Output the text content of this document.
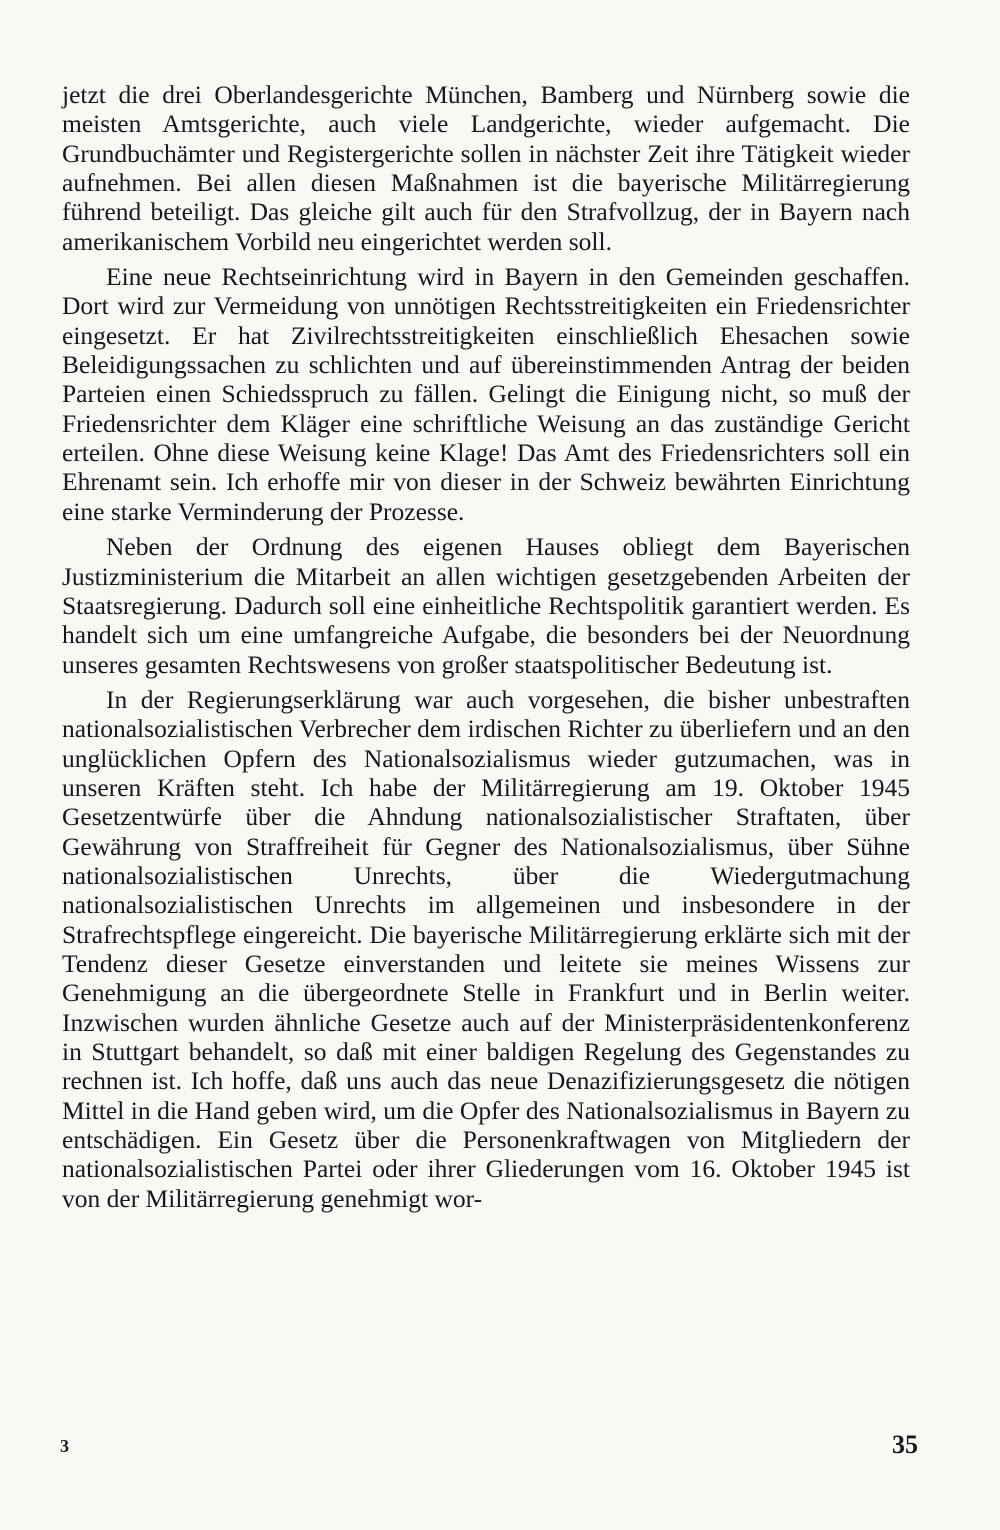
jetzt die drei Oberlandesgerichte München, Bamberg und Nürnberg sowie die meisten Amtsgerichte, auch viele Landgerichte, wieder aufgemacht. Die Grundbuchämter und Registergerichte sollen in nächster Zeit ihre Tätigkeit wieder aufnehmen. Bei allen diesen Maßnahmen ist die bayerische Militärregierung führend beteiligt. Das gleiche gilt auch für den Strafvollzug, der in Bayern nach amerikanischem Vorbild neu eingerichtet werden soll.

Eine neue Rechtseinrichtung wird in Bayern in den Gemeinden geschaffen. Dort wird zur Vermeidung von unnötigen Rechtsstreitigkeiten ein Friedensrichter eingesetzt. Er hat Zivilrechtsstreitigkeiten einschließlich Ehesachen sowie Beleidigungssachen zu schlichten und auf übereinstimmenden Antrag der beiden Parteien einen Schiedsspruch zu fällen. Gelingt die Einigung nicht, so muß der Friedensrichter dem Kläger eine schriftliche Weisung an das zuständige Gericht erteilen. Ohne diese Weisung keine Klage! Das Amt des Friedensrichters soll ein Ehrenamt sein. Ich erhoffe mir von dieser in der Schweiz bewährten Einrichtung eine starke Verminderung der Prozesse.

Neben der Ordnung des eigenen Hauses obliegt dem Bayerischen Justizministerium die Mitarbeit an allen wichtigen gesetzgebenden Arbeiten der Staatsregierung. Dadurch soll eine einheitliche Rechtspolitik garantiert werden. Es handelt sich um eine umfangreiche Aufgabe, die besonders bei der Neuordnung unseres gesamten Rechtswesens von großer staatspolitischer Bedeutung ist.

In der Regierungserklärung war auch vorgesehen, die bisher unbestraften nationalsozialistischen Verbrecher dem irdischen Richter zu überliefern und an den unglücklichen Opfern des Nationalsozialismus wieder gutzumachen, was in unseren Kräften steht. Ich habe der Militärregierung am 19. Oktober 1945 Gesetzentwürfe über die Ahndung nationalsozialistischer Straftaten, über Gewährung von Straffreiheit für Gegner des Nationalsozialismus, über Sühne nationalsozialistischen Unrechts, über die Wiedergutmachung nationalsozialistischen Unrechts im allgemeinen und insbesondere in der Strafrechtspflege eingereicht. Die bayerische Militärregierung erklärte sich mit der Tendenz dieser Gesetze einverstanden und leitete sie meines Wissens zur Genehmigung an die übergeordnete Stelle in Frankfurt und in Berlin weiter. Inzwischen wurden ähnliche Gesetze auch auf der Ministerpräsidentenkonferenz in Stuttgart behandelt, so daß mit einer baldigen Regelung des Gegenstandes zu rechnen ist. Ich hoffe, daß uns auch das neue Denazifizierungsgesetz die nötigen Mittel in die Hand geben wird, um die Opfer des Nationalsozialismus in Bayern zu entschädigen. Ein Gesetz über die Personenkraftwagen von Mitgliedern der nationalsozialistischen Partei oder ihrer Gliederungen vom 16. Oktober 1945 ist von der Militärregierung genehmigt wor-

3	35
